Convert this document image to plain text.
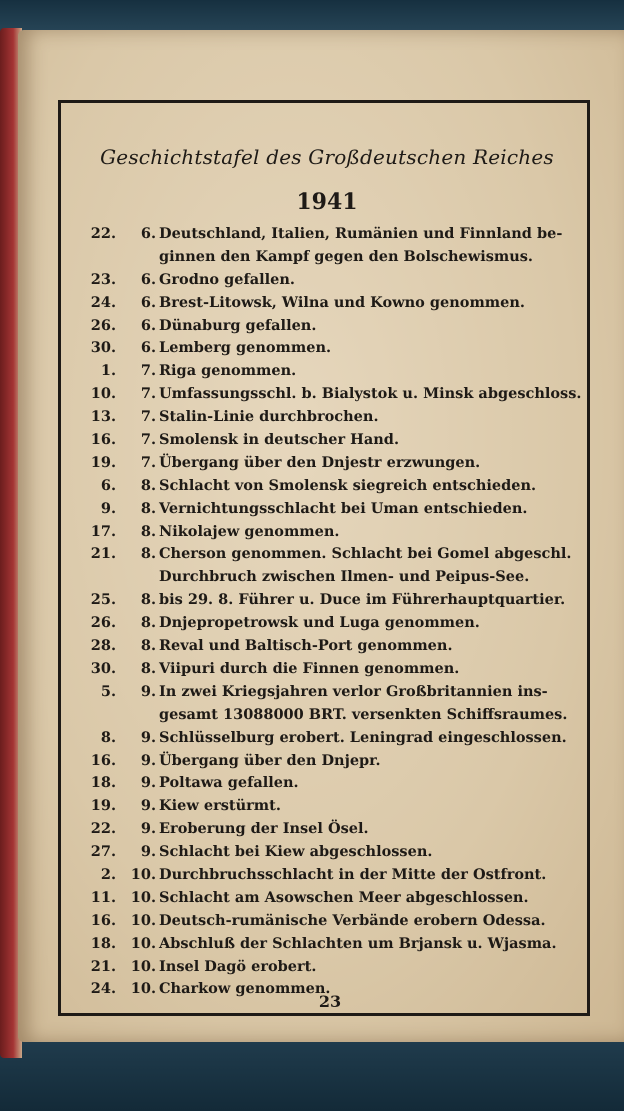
Geschichtstafel des Großdeutschen Reiches
1941
22.	6. Deutschland, Italien, Rumänien und Finnland be-
ginnen den Kampf gegen den Bolschewismus.
23.	6. Grodno gefallen.
24.	6. Brest-Litowsk, Wilna und Kowno genommen.
26.	6. Dünaburg gefallen.
30.	6. Lemberg genommen.
1.	7. Riga genommen.
10.	7. Umfassungsschl. b. Bialystok u. Minsk abgeschloss.
13.	7. Stalin-Linie durchbrochen.
16.	7. Smolensk in deutscher Hand.
19.	7. Übergang über den Dnjestr erzwungen.
6.	8. Schlacht von Smolensk siegreich entschieden.
9.	8. Vernichtungsschlacht bei Uman entschieden.
17.	8. Nikolajew genommen.
21.	8. Cherson genommen. Schlacht bei Gomel abgeschl.
Durchbruch zwischen Ilmen- und Peipus-See.
25.	8. bis 29. 8. Führer u. Duce im Führerhauptquartier.
26.	8. Dnjepropetrowsk und Luga genommen.
28.	8. Reval und Baltisch-Port genommen.
30.	8. Viipuri durch die Finnen genommen.
5.	9. In zwei Kriegsjahren verlor Großbritannien ins-
gesamt 13088000 BRT. versenkten Schiffsraumes.
8.	9. Schlüsselburg erobert. Leningrad eingeschlossen.
16.	9. Übergang über den Dnjepr.
18.	9. Poltawa gefallen.
19.	9. Kiew erstürmt.
22.	9. Eroberung der Insel Ösel.
27.	9. Schlacht bei Kiew abgeschlossen.
2.	10. Durchbruchsschlacht in der Mitte der Ostfront.
11.	10. Schlacht am Asowschen Meer abgeschlossen.
16.	10. Deutsch-rumänische Verbände erobern Odessa.
18.	10. Abschluß der Schlachten um Brjansk u. Wjasma.
21.	10. Insel Dagö erobert.
24.	10. Charkow genommen.
23
